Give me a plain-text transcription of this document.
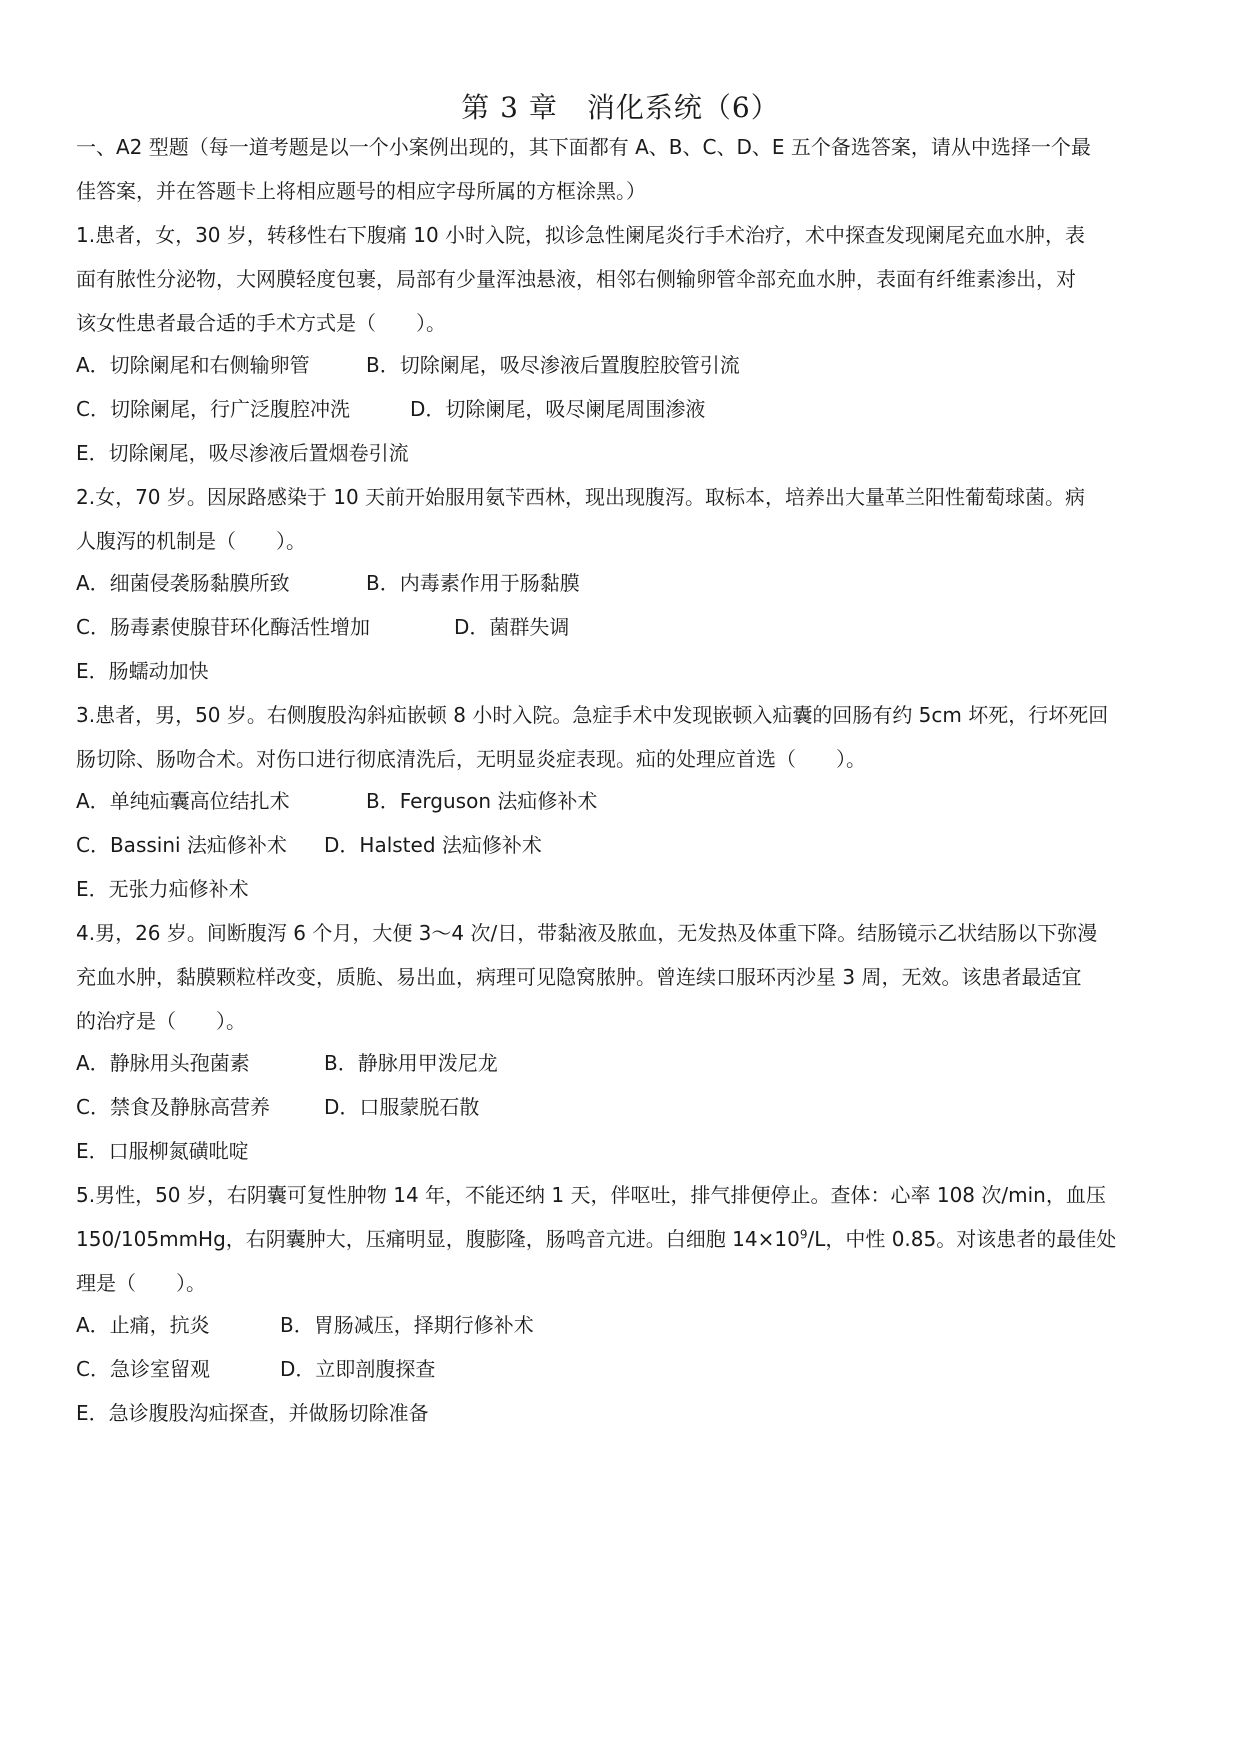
第 3 章　消化系统（6）
一、A2 型题（每一道考题是以一个小案例出现的，其下面都有 A、B、C、D、E 五个备选答案，请从中选择一个最
佳答案，并在答题卡上将相应题号的相应字母所属的方框涂黑。）
1.患者，女，30 岁，转移性右下腹痛 10 小时入院，拟诊急性阑尾炎行手术治疗，术中探查发现阑尾充血水肿，表
面有脓性分泌物，大网膜轻度包裹，局部有少量浑浊悬液，相邻右侧输卵管伞部充血水肿，表面有纤维素渗出，对
该女性患者最合适的手术方式是（　　）。
A．切除阑尾和右侧输卵管	B．切除阑尾，吸尽渗液后置腹腔胶管引流
C．切除阑尾，行广泛腹腔冲洗	D．切除阑尾，吸尽阑尾周围渗液
E．切除阑尾，吸尽渗液后置烟卷引流
2.女，70 岁。因尿路感染于 10 天前开始服用氨苄西林，现出现腹泻。取标本，培养出大量革兰阳性葡萄球菌。病
人腹泻的机制是（　　）。
A．细菌侵袭肠黏膜所致	B．内毒素作用于肠黏膜
C．肠毒素使腺苷环化酶活性增加	D．菌群失调
E．肠蠕动加快
3.患者，男，50 岁。右侧腹股沟斜疝嵌顿 8 小时入院。急症手术中发现嵌顿入疝囊的回肠有约 5cm 坏死，行坏死回
肠切除、肠吻合术。对伤口进行彻底清洗后，无明显炎症表现。疝的处理应首选（　　）。
A．单纯疝囊高位结扎术	B．Ferguson 法疝修补术
C．Bassini 法疝修补术 D．Halsted 法疝修补术
E．无张力疝修补术
4.男，26 岁。间断腹泻 6 个月，大便 3～4 次/日，带黏液及脓血，无发热及体重下降。结肠镜示乙状结肠以下弥漫
充血水肿，黏膜颗粒样改变，质脆、易出血，病理可见隐窝脓肿。曾连续口服环丙沙星 3 周，无效。该患者最适宜
的治疗是（　　）。
A．静脉用头孢菌素	B．静脉用甲泼尼龙
C．禁食及静脉高营养	D．口服蒙脱石散
E．口服柳氮磺吡啶
5.男性，50 岁，右阴囊可复性肿物 14 年，不能还纳 1 天，伴呕吐，排气排便停止。查体：心率 108 次/min，血压
150/105mmHg，右阴囊肿大，压痛明显，腹膨隆，肠鸣音亢进。白细胞 $14\times 10^9/L$，中性 0.85。对该患者的最佳处
理是（　　）。
A．止痛，抗炎	B．胃肠减压，择期行修补术
C．急诊室留观	D．立即剖腹探查
E．急诊腹股沟疝探查，并做肠切除准备
